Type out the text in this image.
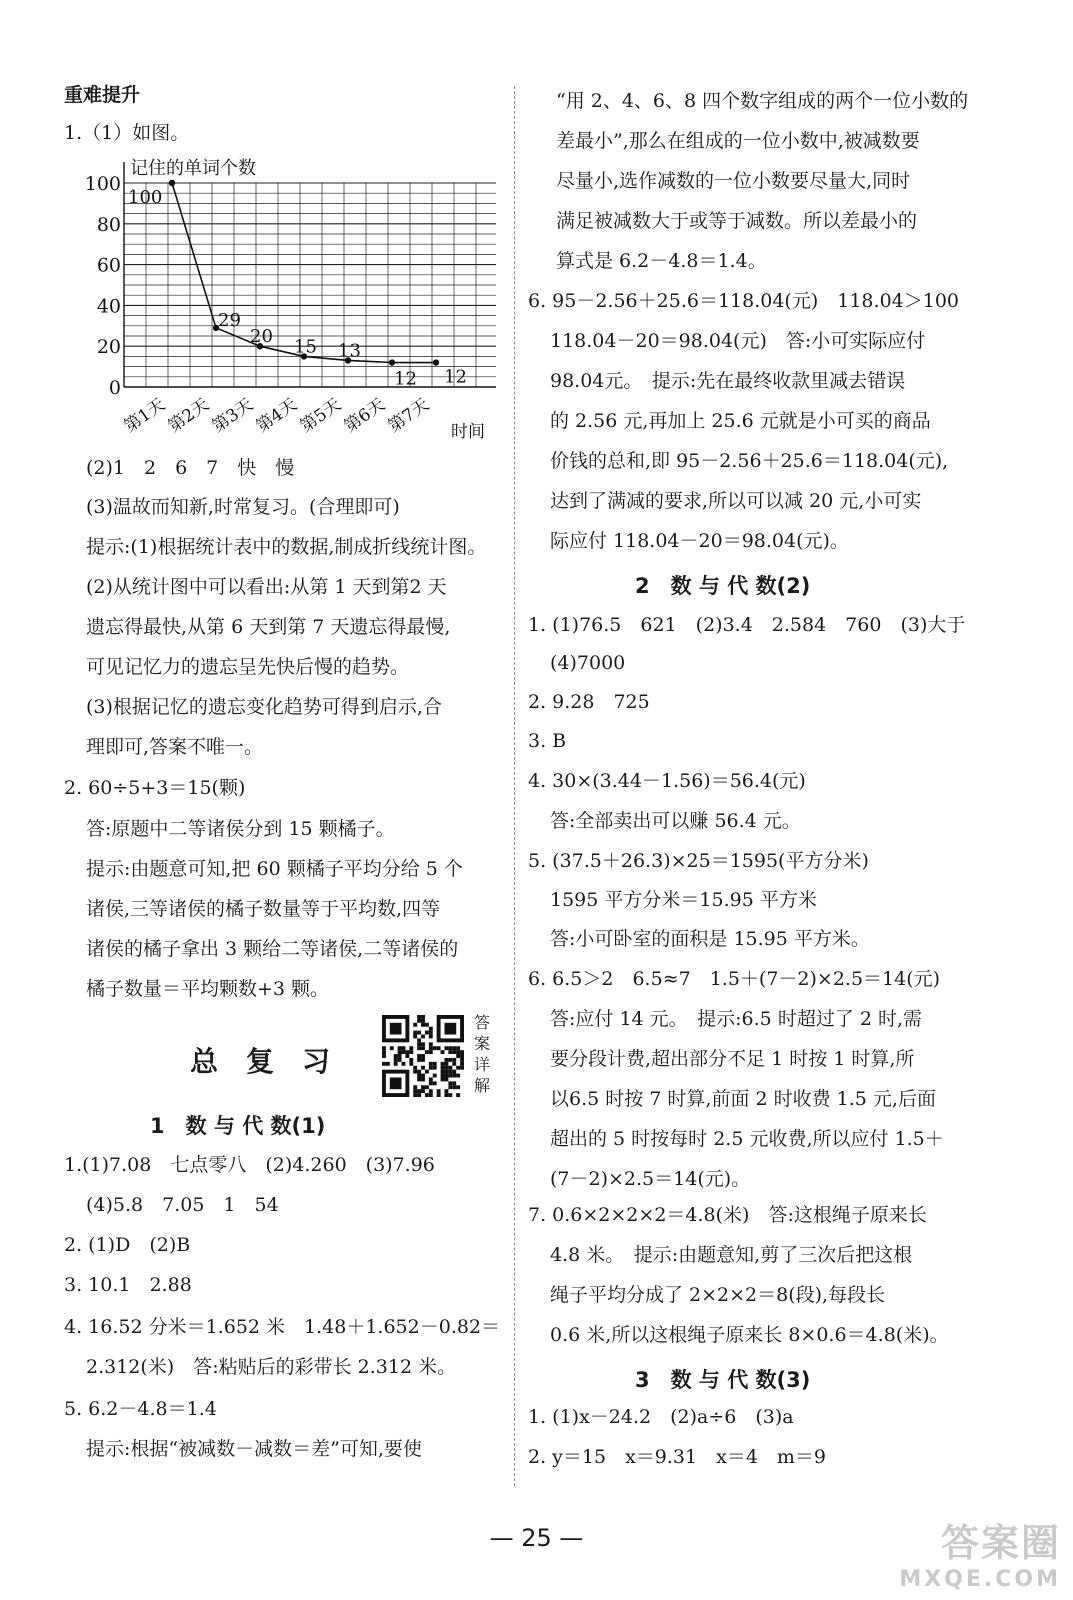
重难提升
1.（1）如图。
记住的单词个数
0
20
40
60
80
100
第1天
第2天
第3天
第4天
第5天
第6天
第7天 时间
100
29
20 15 13
12 12
(2)1　2　6　7　快　慢
(3)温故而知新,时常复习。(合理即可)
提示:(1)根据统计表中的数据,制成折线统计图。
(2)从统计图中可以看出:从第 1 天到第2 天
遗忘得最快,从第 6 天到第 7 天遗忘得最慢,
可见记忆力的遗忘呈先快后慢的趋势。
(3)根据记忆的遗忘变化趋势可得到启示,合
理即可,答案不唯一。
2. 60÷5+3＝15(颗)
答:原题中二等诸侯分到 15 颗橘子。
提示:由题意可知,把 60 颗橘子平均分给 5 个
诸侯,三等诸侯的橘子数量等于平均数,四等
诸侯的橘子拿出 3 颗给二等诸侯,二等诸侯的
橘子数量＝平均颗数+3 颗。
总　复　习
答案详解
1　数 与 代 数(1)
1.(1)7.08　七点零八　(2)4.260　(3)7.96
(4)5.8　7.05　1　54
2. (1)D　(2)B
3. 10.1　2.88
4. 16.52 分米＝1.652 米　1.48＋1.652－0.82＝
2.312(米)　答:粘贴后的彩带长 2.312 米。
5. 6.2－4.8＝1.4
提示:根据“被减数－减数＝差”可知,要使
“用 2、4、6、8 四个数字组成的两个一位小数的
差最小”,那么在组成的一位小数中,被减数要
尽量小,选作减数的一位小数要尽量大,同时
满足被减数大于或等于减数。所以差最小的
算式是 6.2－4.8＝1.4。
6. 95－2.56＋25.6＝118.04(元)　118.04＞100
118.04－20＝98.04(元)　答:小可实际应付
98.04元。　提示:先在最终收款里减去错误
的 2.56 元,再加上 25.6 元就是小可买的商品
价钱的总和,即 95－2.56＋25.6＝118.04(元),
达到了满减的要求,所以可以减 20 元,小可实
际应付 118.04－20＝98.04(元)。
2　数 与 代 数(2)
1. (1)76.5　621　(2)3.4　2.584　760　(3)大于
(4)7000
2. 9.28　725
3. B
4. 30×(3.44－1.56)＝56.4(元)
答:全部卖出可以赚 56.4 元。
5. (37.5＋26.3)×25＝1595(平方分米)
1595 平方分米＝15.95 平方米
答:小可卧室的面积是 15.95 平方米。
6. 6.5＞2　6.5≈7　1.5＋(7－2)×2.5＝14(元)
答:应付 14 元。　提示:6.5 时超过了 2 时,需
要分段计费,超出部分不足 1 时按 1 时算,所
以6.5 时按 7 时算,前面 2 时收费 1.5 元,后面
超出的 5 时按每时 2.5 元收费,所以应付 1.5＋
(7－2)×2.5＝14(元)。
7. 0.6×2×2×2＝4.8(米)　答:这根绳子原来长
4.8 米。　提示:由题意知,剪了三次后把这根
绳子平均分成了 2×2×2＝8(段),每段长
0.6 米,所以这根绳子原来长 8×0.6＝4.8(米)。
3　数 与 代 数(3)
1. (1)x－24.2　(2)a÷6　(3)a
2. y＝15　x＝9.31　x＝4　m＝9
— 25 —	答案圈
MXQE.COM
